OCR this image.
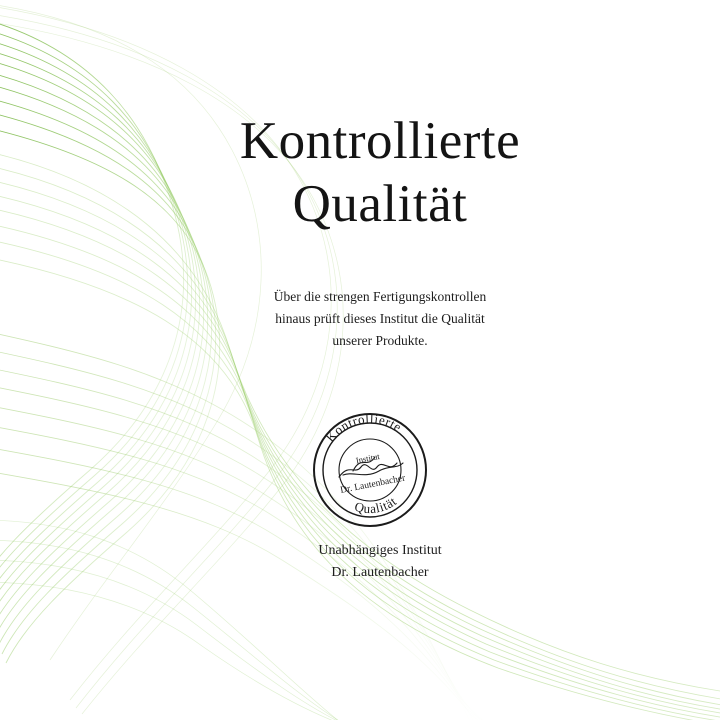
Kontrollierte
Qualität
Über die strengen Fertigungskontrollen
hinaus prüft dieses Institut die Qualität
unserer Produkte.
Kontrollierte
Qualität
Institut
Dr. Lautenbacher
Unabhängiges Institut
Dr. Lautenbacher
